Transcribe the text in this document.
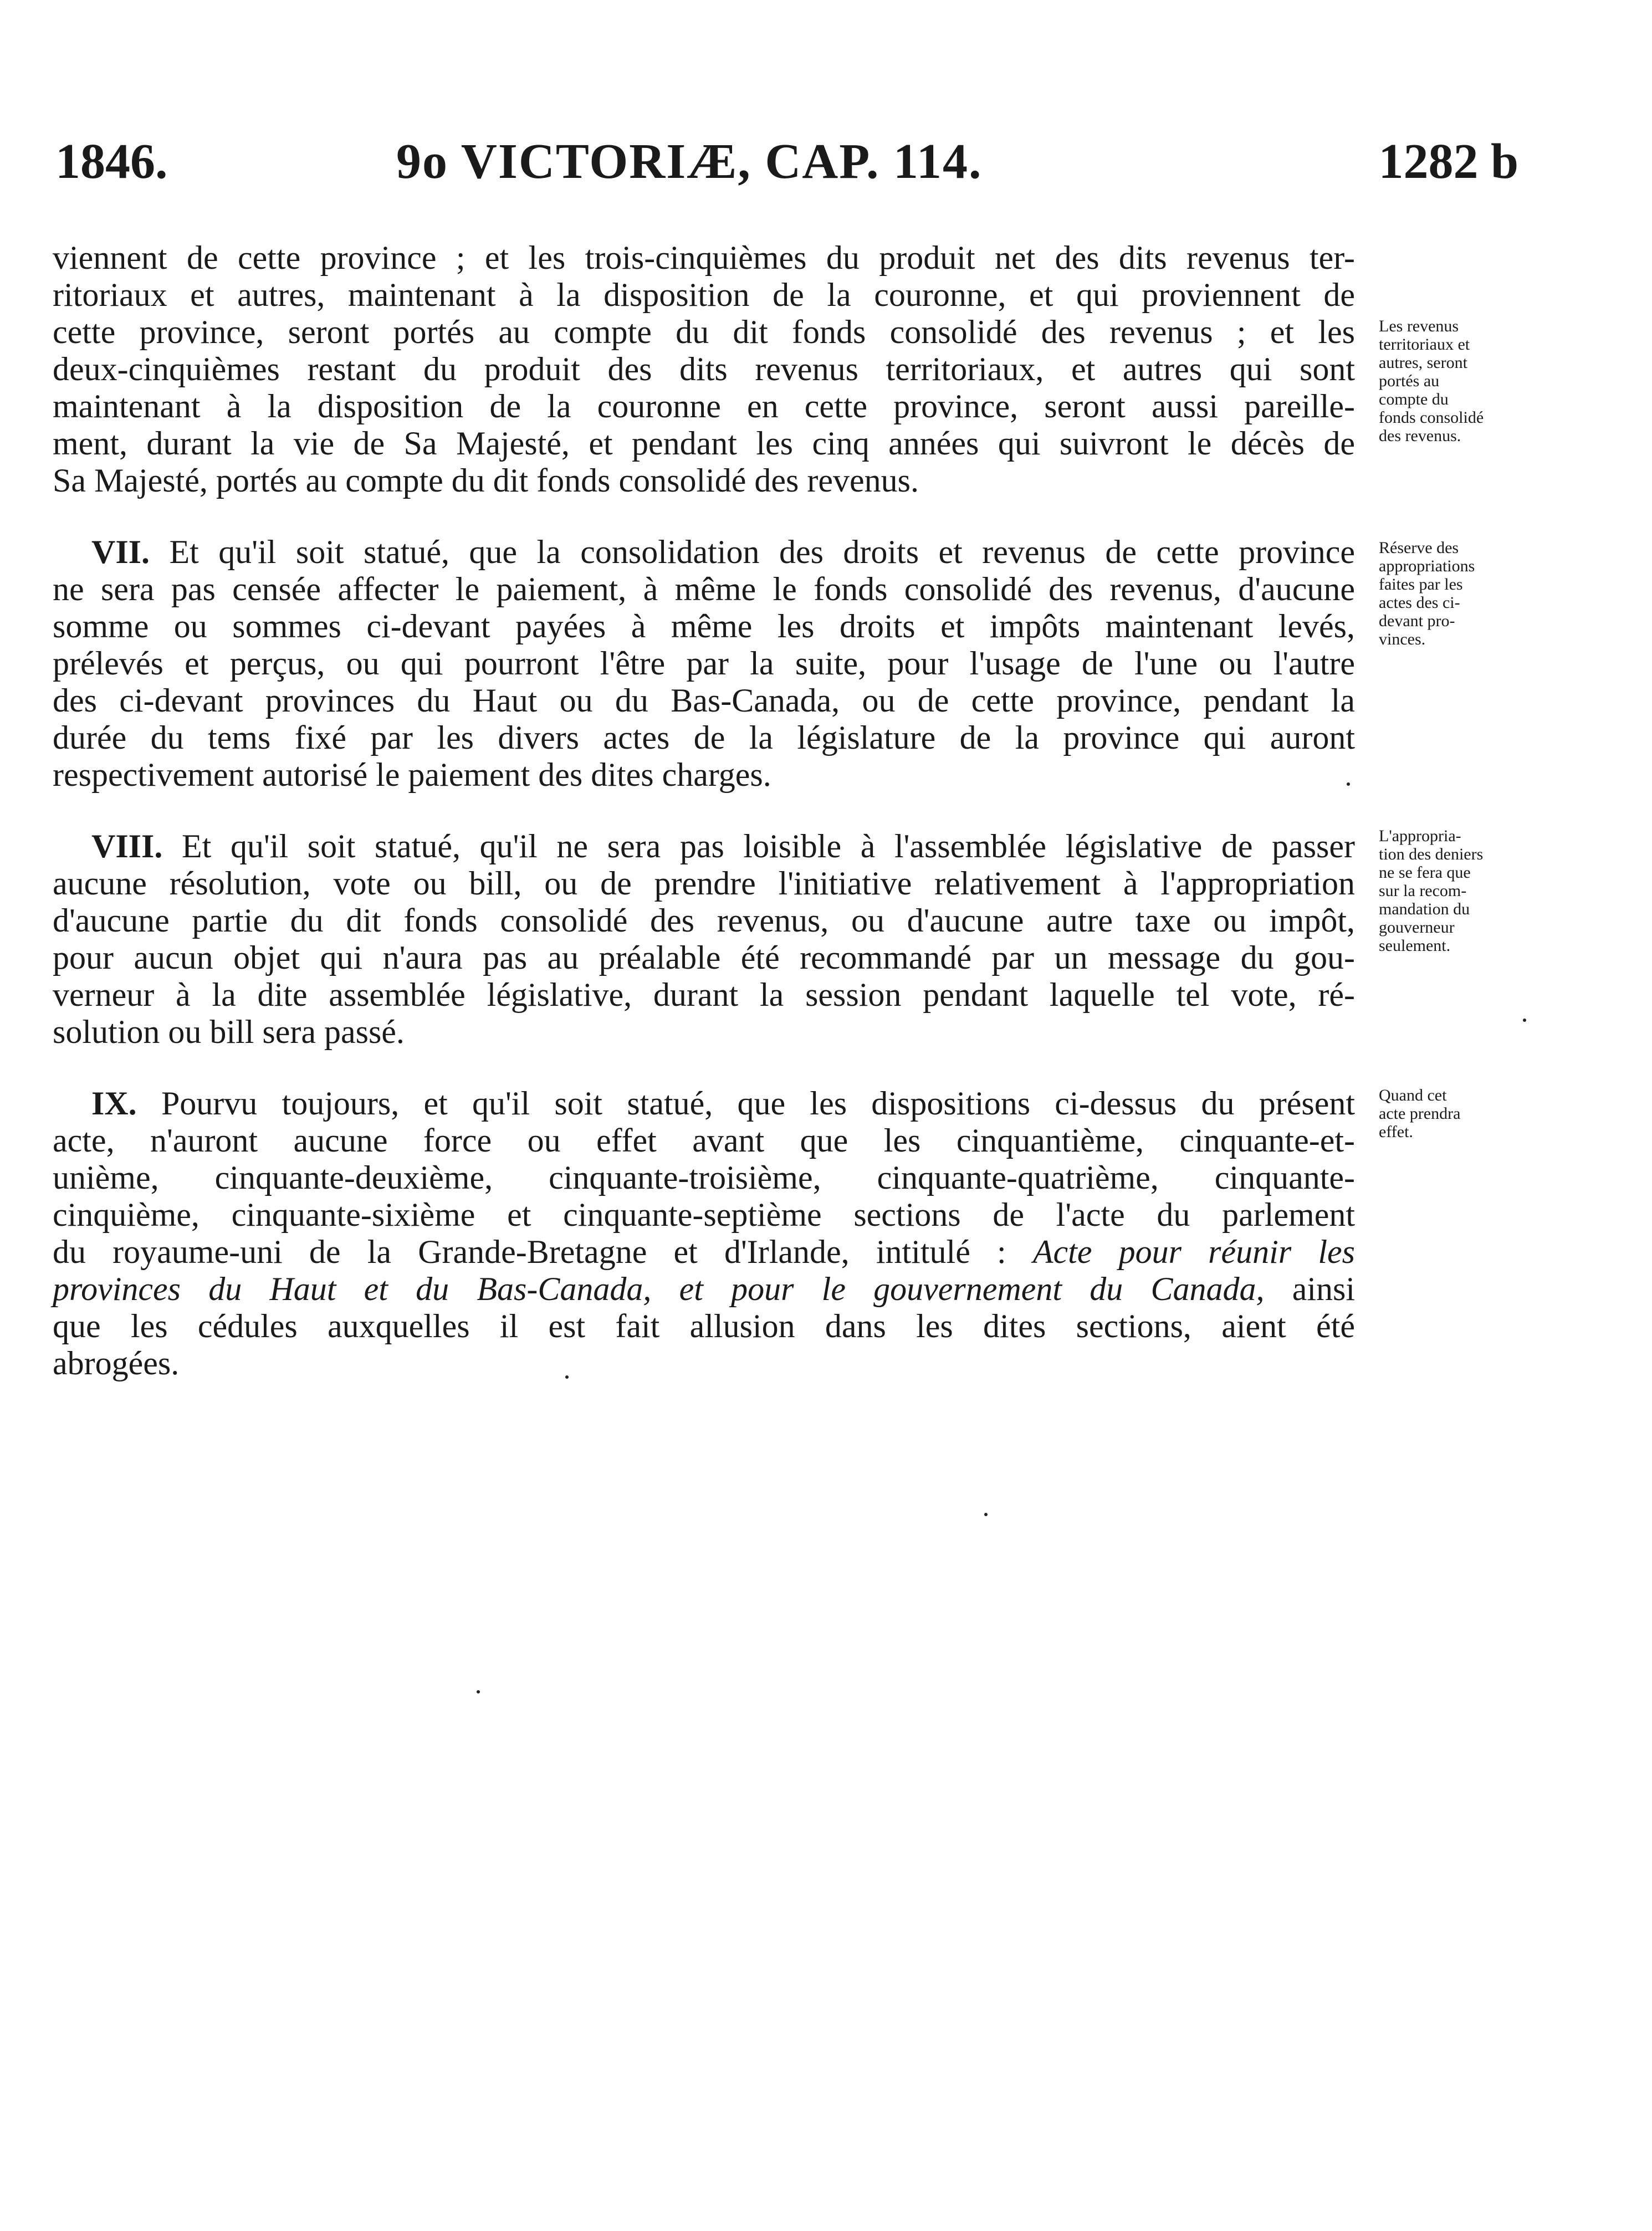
1846.	9o VICTORIÆ, CAP. 114.	1282 b

viennent de cette province ; et les trois-cinquièmes du produit net des dits revenus ter-
ritoriaux et autres, maintenant à la disposition de la couronne, et qui proviennent de
cette province, seront portés au compte du dit fonds consolidé des revenus ; et les
deux-cinquièmes restant du produit des dits revenus territoriaux, et autres qui sont
maintenant à la disposition de la couronne en cette province, seront aussi pareille-
ment, durant la vie de Sa Majesté, et pendant les cinq années qui suivront le décès de
Sa Majesté, portés au compte du dit fonds consolidé des revenus.

VII. Et qu'il soit statué, que la consolidation des droits et revenus de cette province
ne sera pas censée affecter le paiement, à même le fonds consolidé des revenus, d'aucune
somme ou sommes ci-devant payées à même les droits et impôts maintenant levés,
prélevés et perçus, ou qui pourront l'être par la suite, pour l'usage de l'une ou l'autre
des ci-devant provinces du Haut ou du Bas-Canada, ou de cette province, pendant la
durée du tems fixé par les divers actes de la législature de la province qui auront
respectivement autorisé le paiement des dites charges.

VIII. Et qu'il soit statué, qu'il ne sera pas loisible à l'assemblée législative de passer
aucune résolution, vote ou bill, ou de prendre l'initiative relativement à l'appropriation
d'aucune partie du dit fonds consolidé des revenus, ou d'aucune autre taxe ou impôt,
pour aucun objet qui n'aura pas au préalable été recommandé par un message du gou-
verneur à la dite assemblée législative, durant la session pendant laquelle tel vote, ré-
solution ou bill sera passé.

IX. Pourvu toujours, et qu'il soit statué, que les dispositions ci-dessus du présent
acte, n'auront aucune force ou effet avant que les cinquantième, cinquante-et-
unième, cinquante-deuxième, cinquante-troisième, cinquante-quatrième, cinquante-
cinquième, cinquante-sixième et cinquante-septième sections de l'acte du parlement
du royaume-uni de la Grande-Bretagne et d'Irlande, intitulé : Acte pour réunir les
provinces du Haut et du Bas-Canada, et pour le gouvernement du Canada, ainsi
que les cédules auxquelles il est fait allusion dans les dites sections, aient été
abrogées.

Les revenus
territoriaux et
autres, seront
portés au
compte du
fonds consolidé
des revenus.
Réserve des
appropriations
faites par les
actes des ci-
devant pro-
vinces.
L'appropria-
tion des deniers
ne se fera que
sur la recom-
mandation du
gouverneur
seulement.
Quand cet
acte prendra
effet.
